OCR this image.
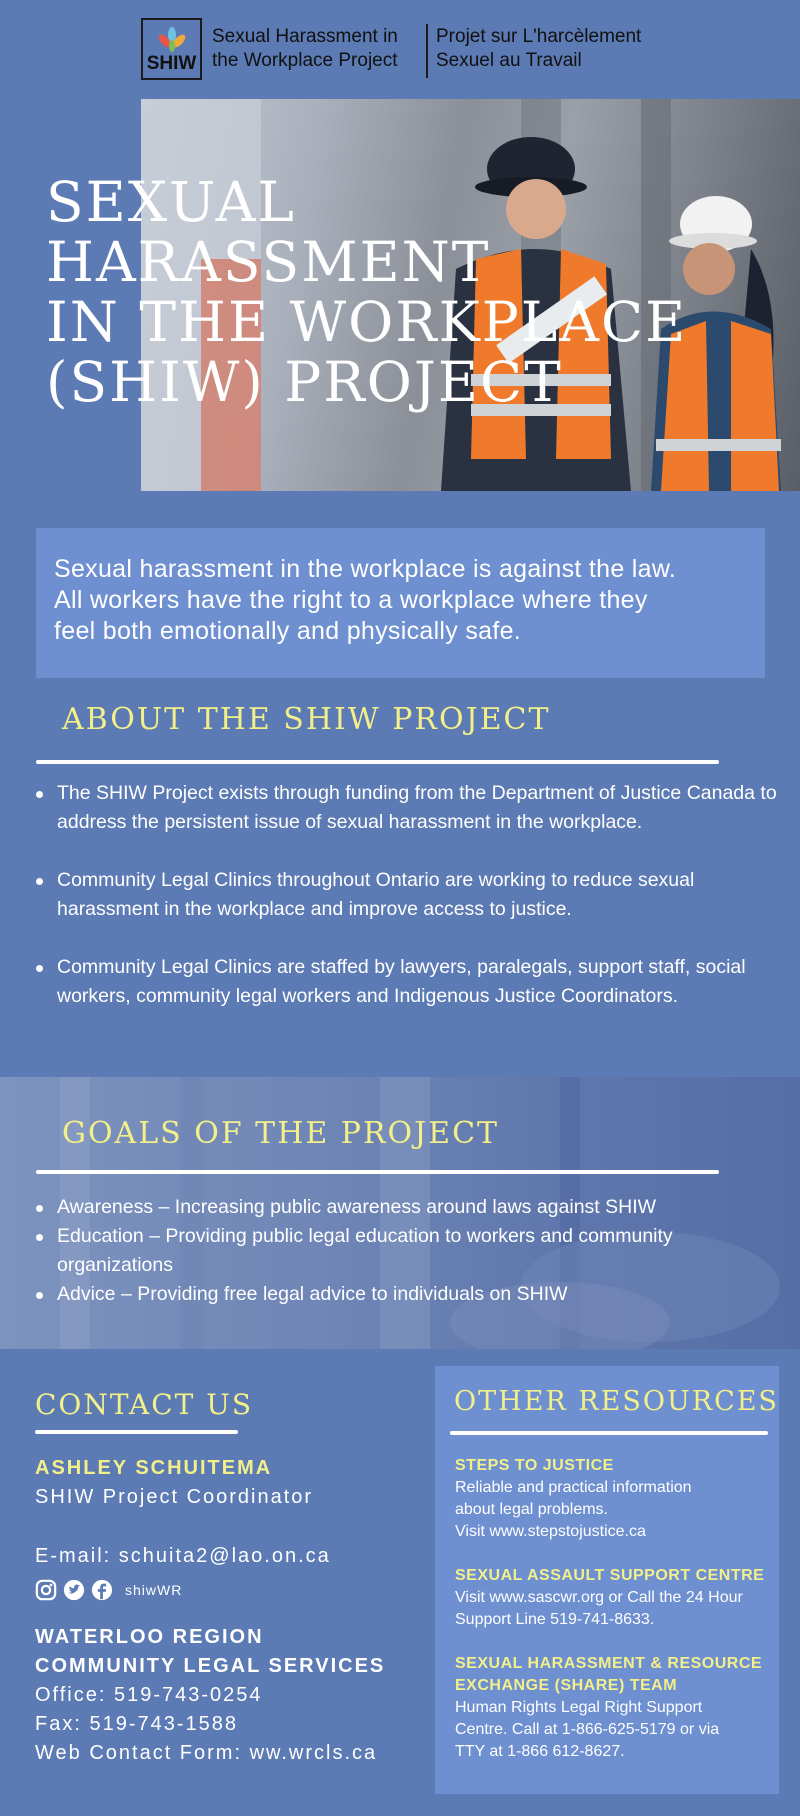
SHIW
Sexual Harassment in
the Workplace Project
Projet sur L'harcèlement
Sexuel au Travail
SEXUAL
HARASSMENT
IN THE WORKPLACE
(SHIW) PROJECT

Sexual harassment in the workplace is against the law.
All workers have the right to a workplace where they
feel both emotionally and physically safe.

ABOUT THE SHIW PROJECT
The SHIW Project exists through funding from the Department of Justice Canada to address the persistent issue of sexual harassment in the workplace.
Community Legal Clinics throughout Ontario are working to reduce sexual harassment in the workplace and improve access to justice.
Community Legal Clinics are staffed by lawyers, paralegals, support staff, social workers, community legal workers and Indigenous Justice Coordinators.
GOALS OF THE PROJECT
Awareness – Increasing public awareness around laws against SHIW
Education – Providing public legal education to workers and community organizations
Advice – Providing free legal advice to individuals on SHIW
CONTACT US
ASHLEY SCHUITEMA
SHIW Project Coordinator
E-mail: schuita2@lao.on.ca
shiwWR
WATERLOO REGION
COMMUNITY LEGAL SERVICES
Office: 519-743-0254
Fax: 519-743-1588
Web Contact Form: ww.wrcls.ca
OTHER RESOURCES
STEPS TO JUSTICE
Reliable and practical information
about legal problems.
Visit www.stepstojustice.ca
SEXUAL ASSAULT SUPPORT CENTRE
Visit www.sascwr.org or Call the 24 Hour
Support Line 519-741-8633.
SEXUAL HARASSMENT & RESOURCE
EXCHANGE (SHARE) TEAM
Human Rights Legal Right Support
Centre. Call at 1-866-625-5179 or via
TTY at 1-866 612-8627.
